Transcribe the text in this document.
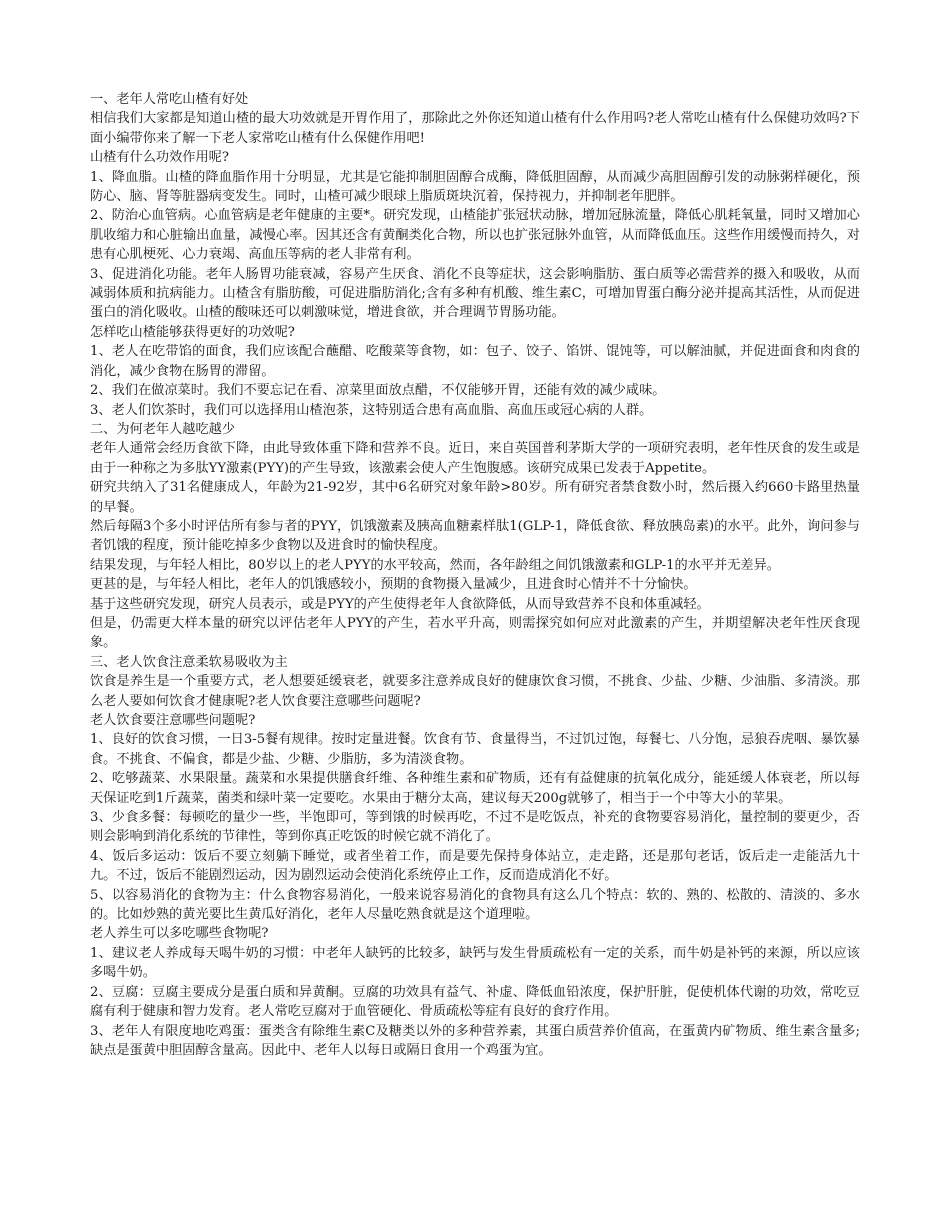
一、老年人常吃山楂有好处

相信我们大家都是知道山楂的最大功效就是开胃作用了，那除此之外你还知道山楂有什么作用吗?老人常吃山楂有什么保健功效吗?下面小编带你来了解一下老人家常吃山楂有什么保健作用吧!

山楂有什么功效作用呢?

1、降血脂。山楂的降血脂作用十分明显，尤其是它能抑制胆固醇合成酶，降低胆固醇，从而减少高胆固醇引发的动脉粥样硬化，预防心、脑、肾等脏器病变发生。同时，山楂可减少眼球上脂质斑块沉着，保持视力，并抑制老年肥胖。

2、防治心血管病。心血管病是老年健康的主要*。研究发现，山楂能扩张冠状动脉，增加冠脉流量，降低心肌耗氧量，同时又增加心肌收缩力和心脏输出血量，减慢心率。因其还含有黄酮类化合物，所以也扩张冠脉外血管，从而降低血压。这些作用缓慢而持久，对患有心肌梗死、心力衰竭、高血压等病的老人非常有利。

3、促进消化功能。老年人肠胃功能衰减，容易产生厌食、消化不良等症状，这会影响脂肪、蛋白质等必需营养的摄入和吸收，从而减弱体质和抗病能力。山楂含有脂肪酸，可促进脂肪消化;含有多种有机酸、维生素C，可增加胃蛋白酶分泌并提高其活性，从而促进蛋白的消化吸收。山楂的酸味还可以刺激味觉，增进食欲，并合理调节胃肠功能。

怎样吃山楂能够获得更好的功效呢?

1、老人在吃带馅的面食，我们应该配合蘸醋、吃酸菜等食物，如：包子、饺子、馅饼、馄饨等，可以解油腻，并促进面食和肉食的消化，减少食物在肠胃的滞留。

2、我们在做凉菜时。我们不要忘记在看、凉菜里面放点醋，不仅能够开胃，还能有效的减少咸味。

3、老人们饮茶时，我们可以选择用山楂泡茶，这特别适合患有高血脂、高血压或冠心病的人群。

二、为何老年人越吃越少

老年人通常会经历食欲下降，由此导致体重下降和营养不良。近日，来自英国普利茅斯大学的一项研究表明，老年性厌食的发生或是由于一种称之为多肽YY激素(PYY)的产生导致，该激素会使人产生饱腹感。该研究成果已发表于Appetite。

研究共纳入了31名健康成人，年龄为21-92岁，其中6名研究对象年龄>80岁。所有研究者禁食数小时，然后摄入约660卡路里热量的早餐。

然后每隔3个多小时评估所有参与者的PYY，饥饿激素及胰高血糖素样肽1(GLP-1，降低食欲、释放胰岛素)的水平。此外，询问参与者饥饿的程度，预计能吃掉多少食物以及进食时的愉快程度。

结果发现，与年轻人相比，80岁以上的老人PYY的水平较高，然而，各年龄组之间饥饿激素和GLP-1的水平并无差异。

更甚的是，与年轻人相比，老年人的饥饿感较小，预期的食物摄入量减少，且进食时心情并不十分愉快。

基于这些研究发现，研究人员表示，或是PYY的产生使得老年人食欲降低，从而导致营养不良和体重减轻。

但是，仍需更大样本量的研究以评估老年人PYY的产生，若水平升高，则需探究如何应对此激素的产生，并期望解决老年性厌食现象。

三、老人饮食注意柔软易吸收为主

饮食是养生是一个重要方式，老人想要延缓衰老，就要多注意养成良好的健康饮食习惯，不挑食、少盐、少糖、少油脂、多清淡。那么老人要如何饮食才健康呢?老人饮食要注意哪些问题呢?

老人饮食要注意哪些问题呢?

1、良好的饮食习惯，一日3-5餐有规律。按时定量进餐。饮食有节、食量得当，不过饥过饱，每餐七、八分饱，忌狼吞虎咽、暴饮暴食。不挑食、不偏食，都是少盐、少糖、少脂肪，多为清淡食物。

2、吃够蔬菜、水果限量。蔬菜和水果提供膳食纤维、各种维生素和矿物质，还有有益健康的抗氧化成分，能延缓人体衰老，所以每天保证吃到1斤蔬菜，菌类和绿叶菜一定要吃。水果由于糖分太高，建议每天200g就够了，相当于一个中等大小的苹果。

3、少食多餐：每顿吃的量少一些，半饱即可，等到饿的时候再吃，不过不是吃饭点，补充的食物要容易消化，量控制的要更少，否则会影响到消化系统的节律性，等到你真正吃饭的时候它就不消化了。

4、饭后多运动：饭后不要立刻躺下睡觉，或者坐着工作，而是要先保持身体站立，走走路，还是那句老话，饭后走一走能活九十九。不过，饭后不能剧烈运动，因为剧烈运动会使消化系统停止工作，反而造成消化不好。

5、以容易消化的食物为主：什么食物容易消化，一般来说容易消化的食物具有这么几个特点：软的、熟的、松散的、清淡的、多水的。比如炒熟的黄光要比生黄瓜好消化，老年人尽量吃熟食就是这个道理啦。

老人养生可以多吃哪些食物呢?

1、建议老人养成每天喝牛奶的习惯：中老年人缺钙的比较多，缺钙与发生骨质疏松有一定的关系，而牛奶是补钙的来源，所以应该多喝牛奶。

2、豆腐：豆腐主要成分是蛋白质和异黄酮。豆腐的功效具有益气、补虚、降低血铅浓度，保护肝脏，促使机体代谢的功效，常吃豆腐有利于健康和智力发育。老人常吃豆腐对于血管硬化、骨质疏松等症有良好的食疗作用。

3、老年人有限度地吃鸡蛋：蛋类含有除维生素C及糖类以外的多种营养素，其蛋白质营养价值高，在蛋黄内矿物质、维生素含量多;缺点是蛋黄中胆固醇含量高。因此中、老年人以每日或隔日食用一个鸡蛋为宜。
